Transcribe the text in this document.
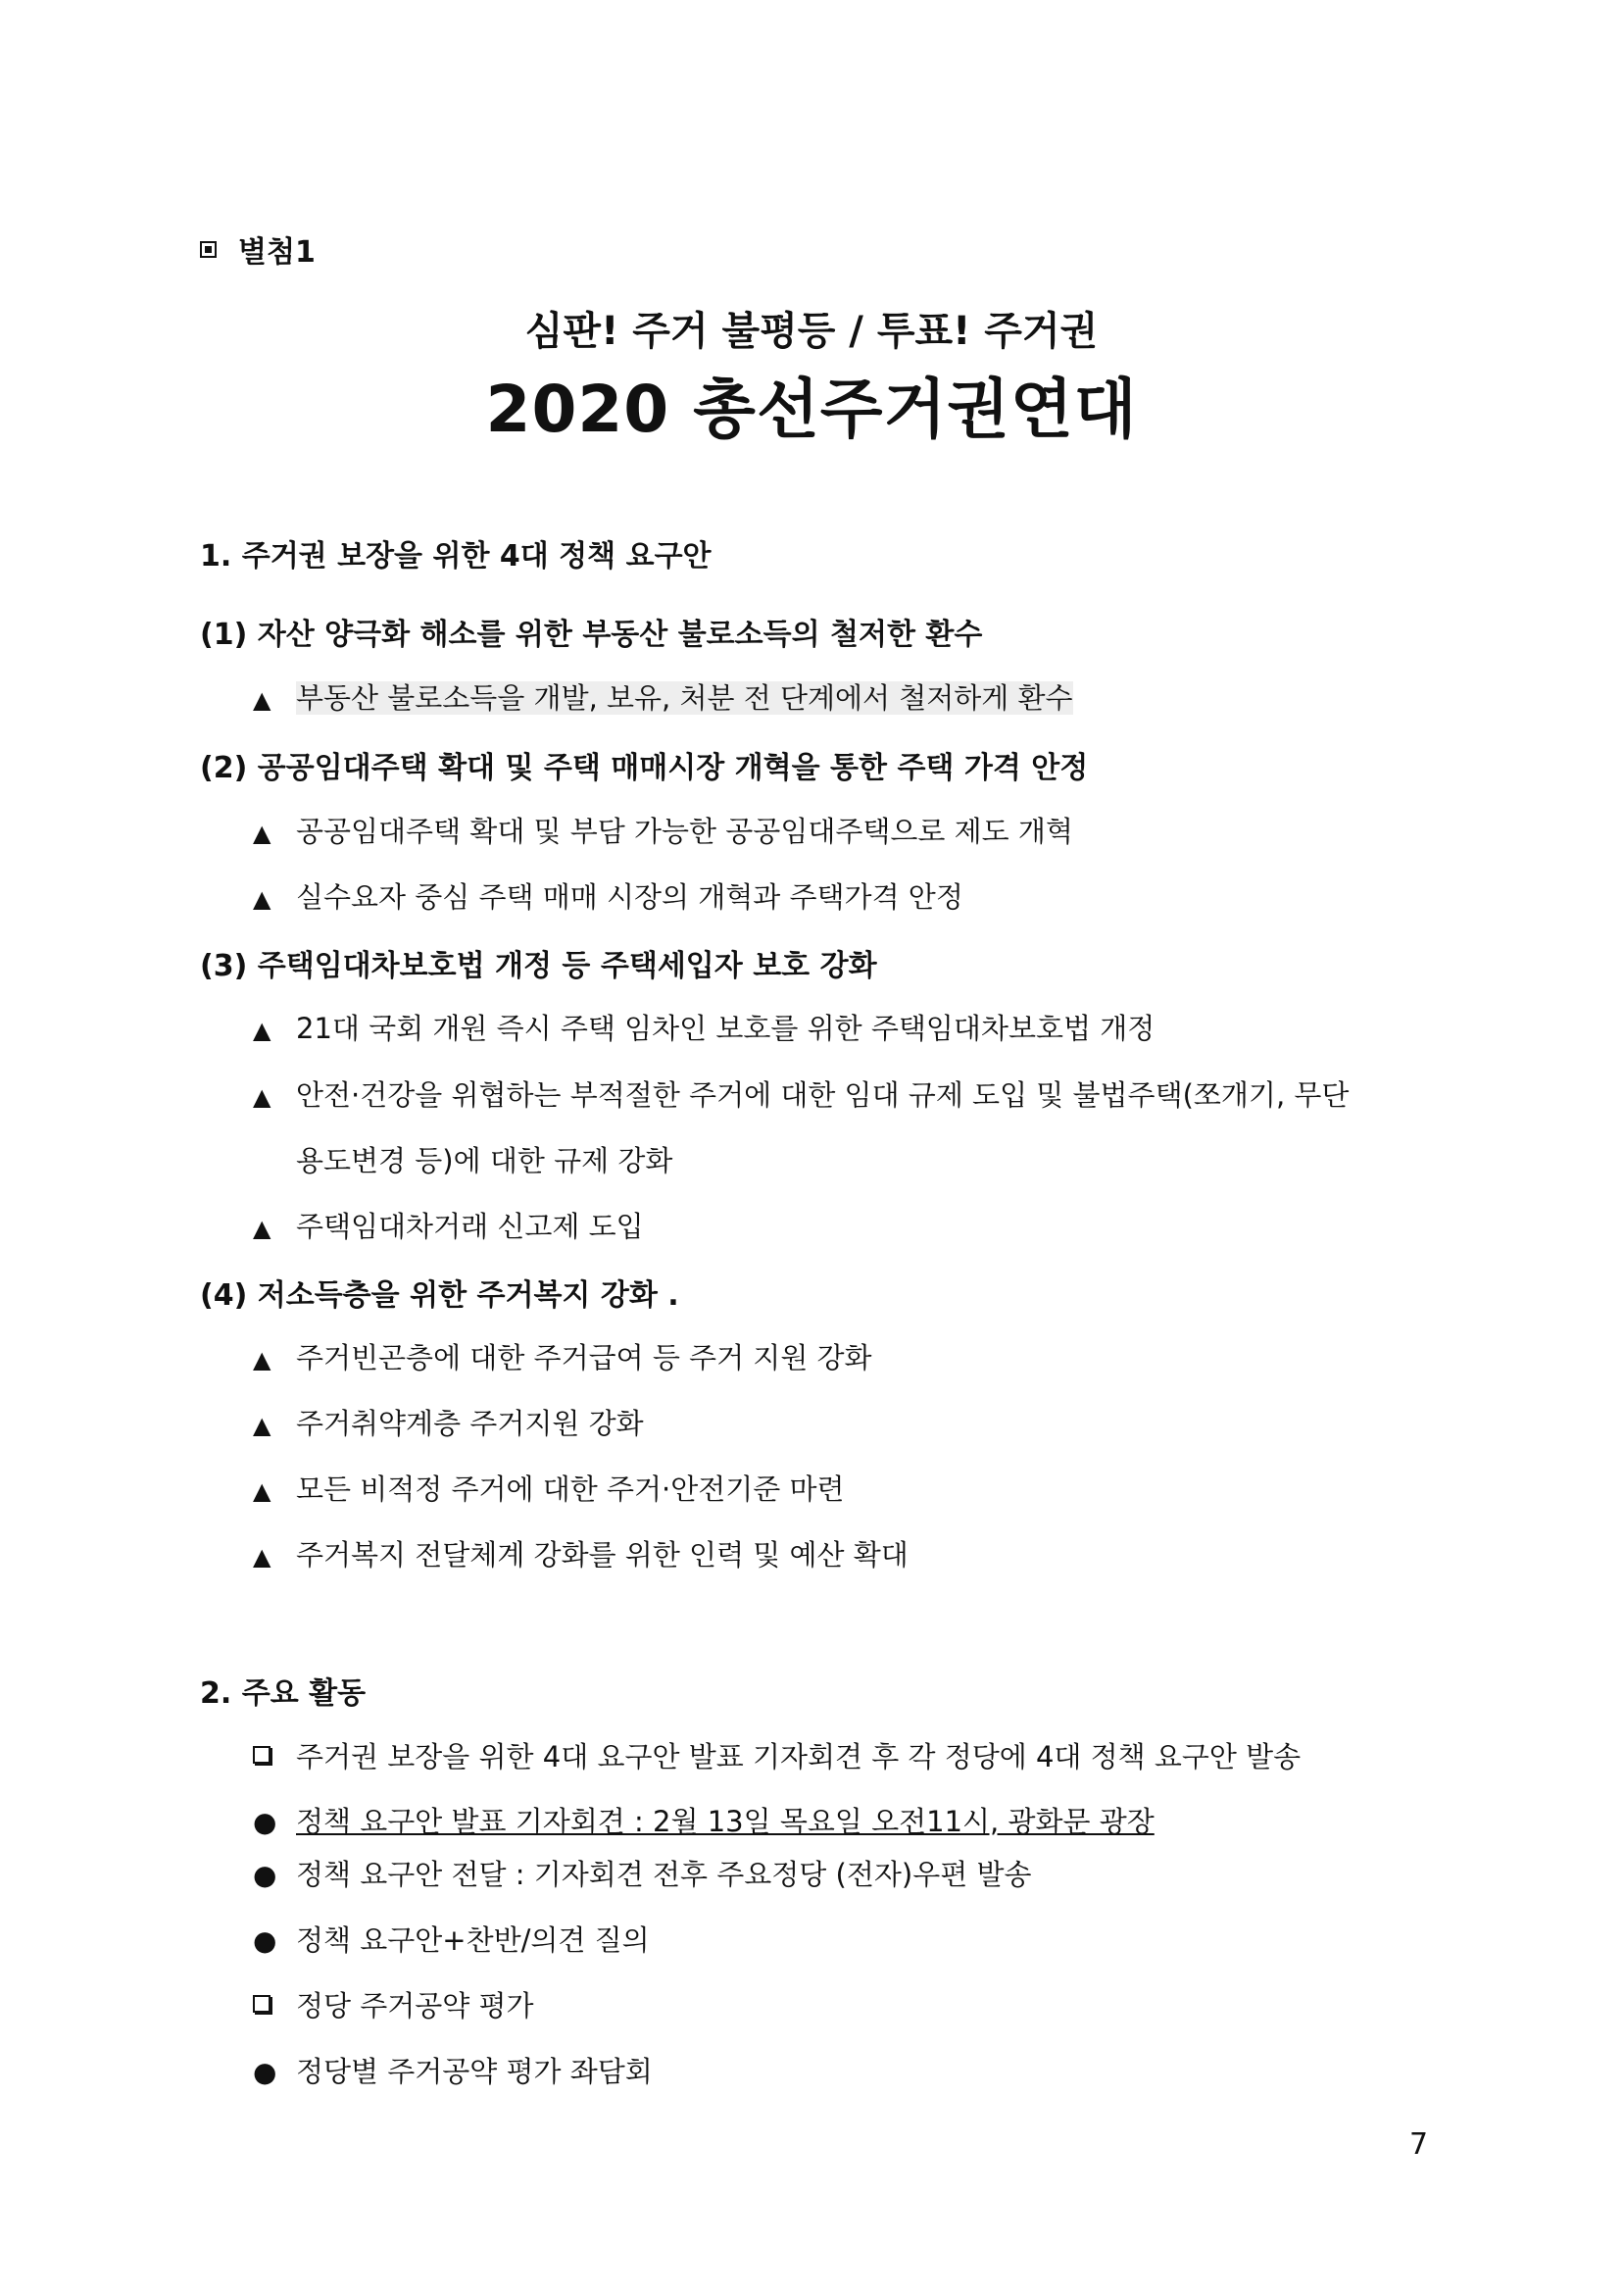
별첨1
심판! 주거 불평등 / 투표! 주거권
2020 총선주거권연대
1. 주거권 보장을 위한 4대 정책 요구안
(1) 자산 양극화 해소를 위한 부동산 불로소득의 철저한 환수
▲ 부동산 불로소득을 개발, 보유, 처분 전 단계에서 철저하게 환수
(2) 공공임대주택 확대 및 주택 매매시장 개혁을 통한 주택 가격 안정
▲ 공공임대주택 확대 및 부담 가능한 공공임대주택으로 제도 개혁
▲ 실수요자 중심 주택 매매 시장의 개혁과 주택가격 안정
(3) 주택임대차보호법 개정 등 주택세입자 보호 강화
▲ 21대 국회 개원 즉시 주택 임차인 보호를 위한 주택임대차보호법 개정
▲ 안전·건강을 위협하는 부적절한 주거에 대한 임대 규제 도입 및 불법주택(쪼개기, 무단
용도변경 등)에 대한 규제 강화
▲ 주택임대차거래 신고제 도입
(4) 저소득층을 위한 주거복지 강화 .
▲ 주거빈곤층에 대한 주거급여 등 주거 지원 강화
▲ 주거취약계층 주거지원 강화
▲ 모든 비적정 주거에 대한 주거·안전기준 마련
▲ 주거복지 전달체계 강화를 위한 인력 및 예산 확대
2. 주요 활동
주거권 보장을 위한 4대 요구안 발표 기자회견 후 각 정당에 4대 정책 요구안 발송
● 정책 요구안 발표 기자회견 : 2월 13일 목요일 오전11시, 광화문 광장
● 정책 요구안 전달 : 기자회견 전후 주요정당 (전자)우편 발송
● 정책 요구안+찬반/의견 질의
정당 주거공약 평가
● 정당별 주거공약 평가 좌담회
7
